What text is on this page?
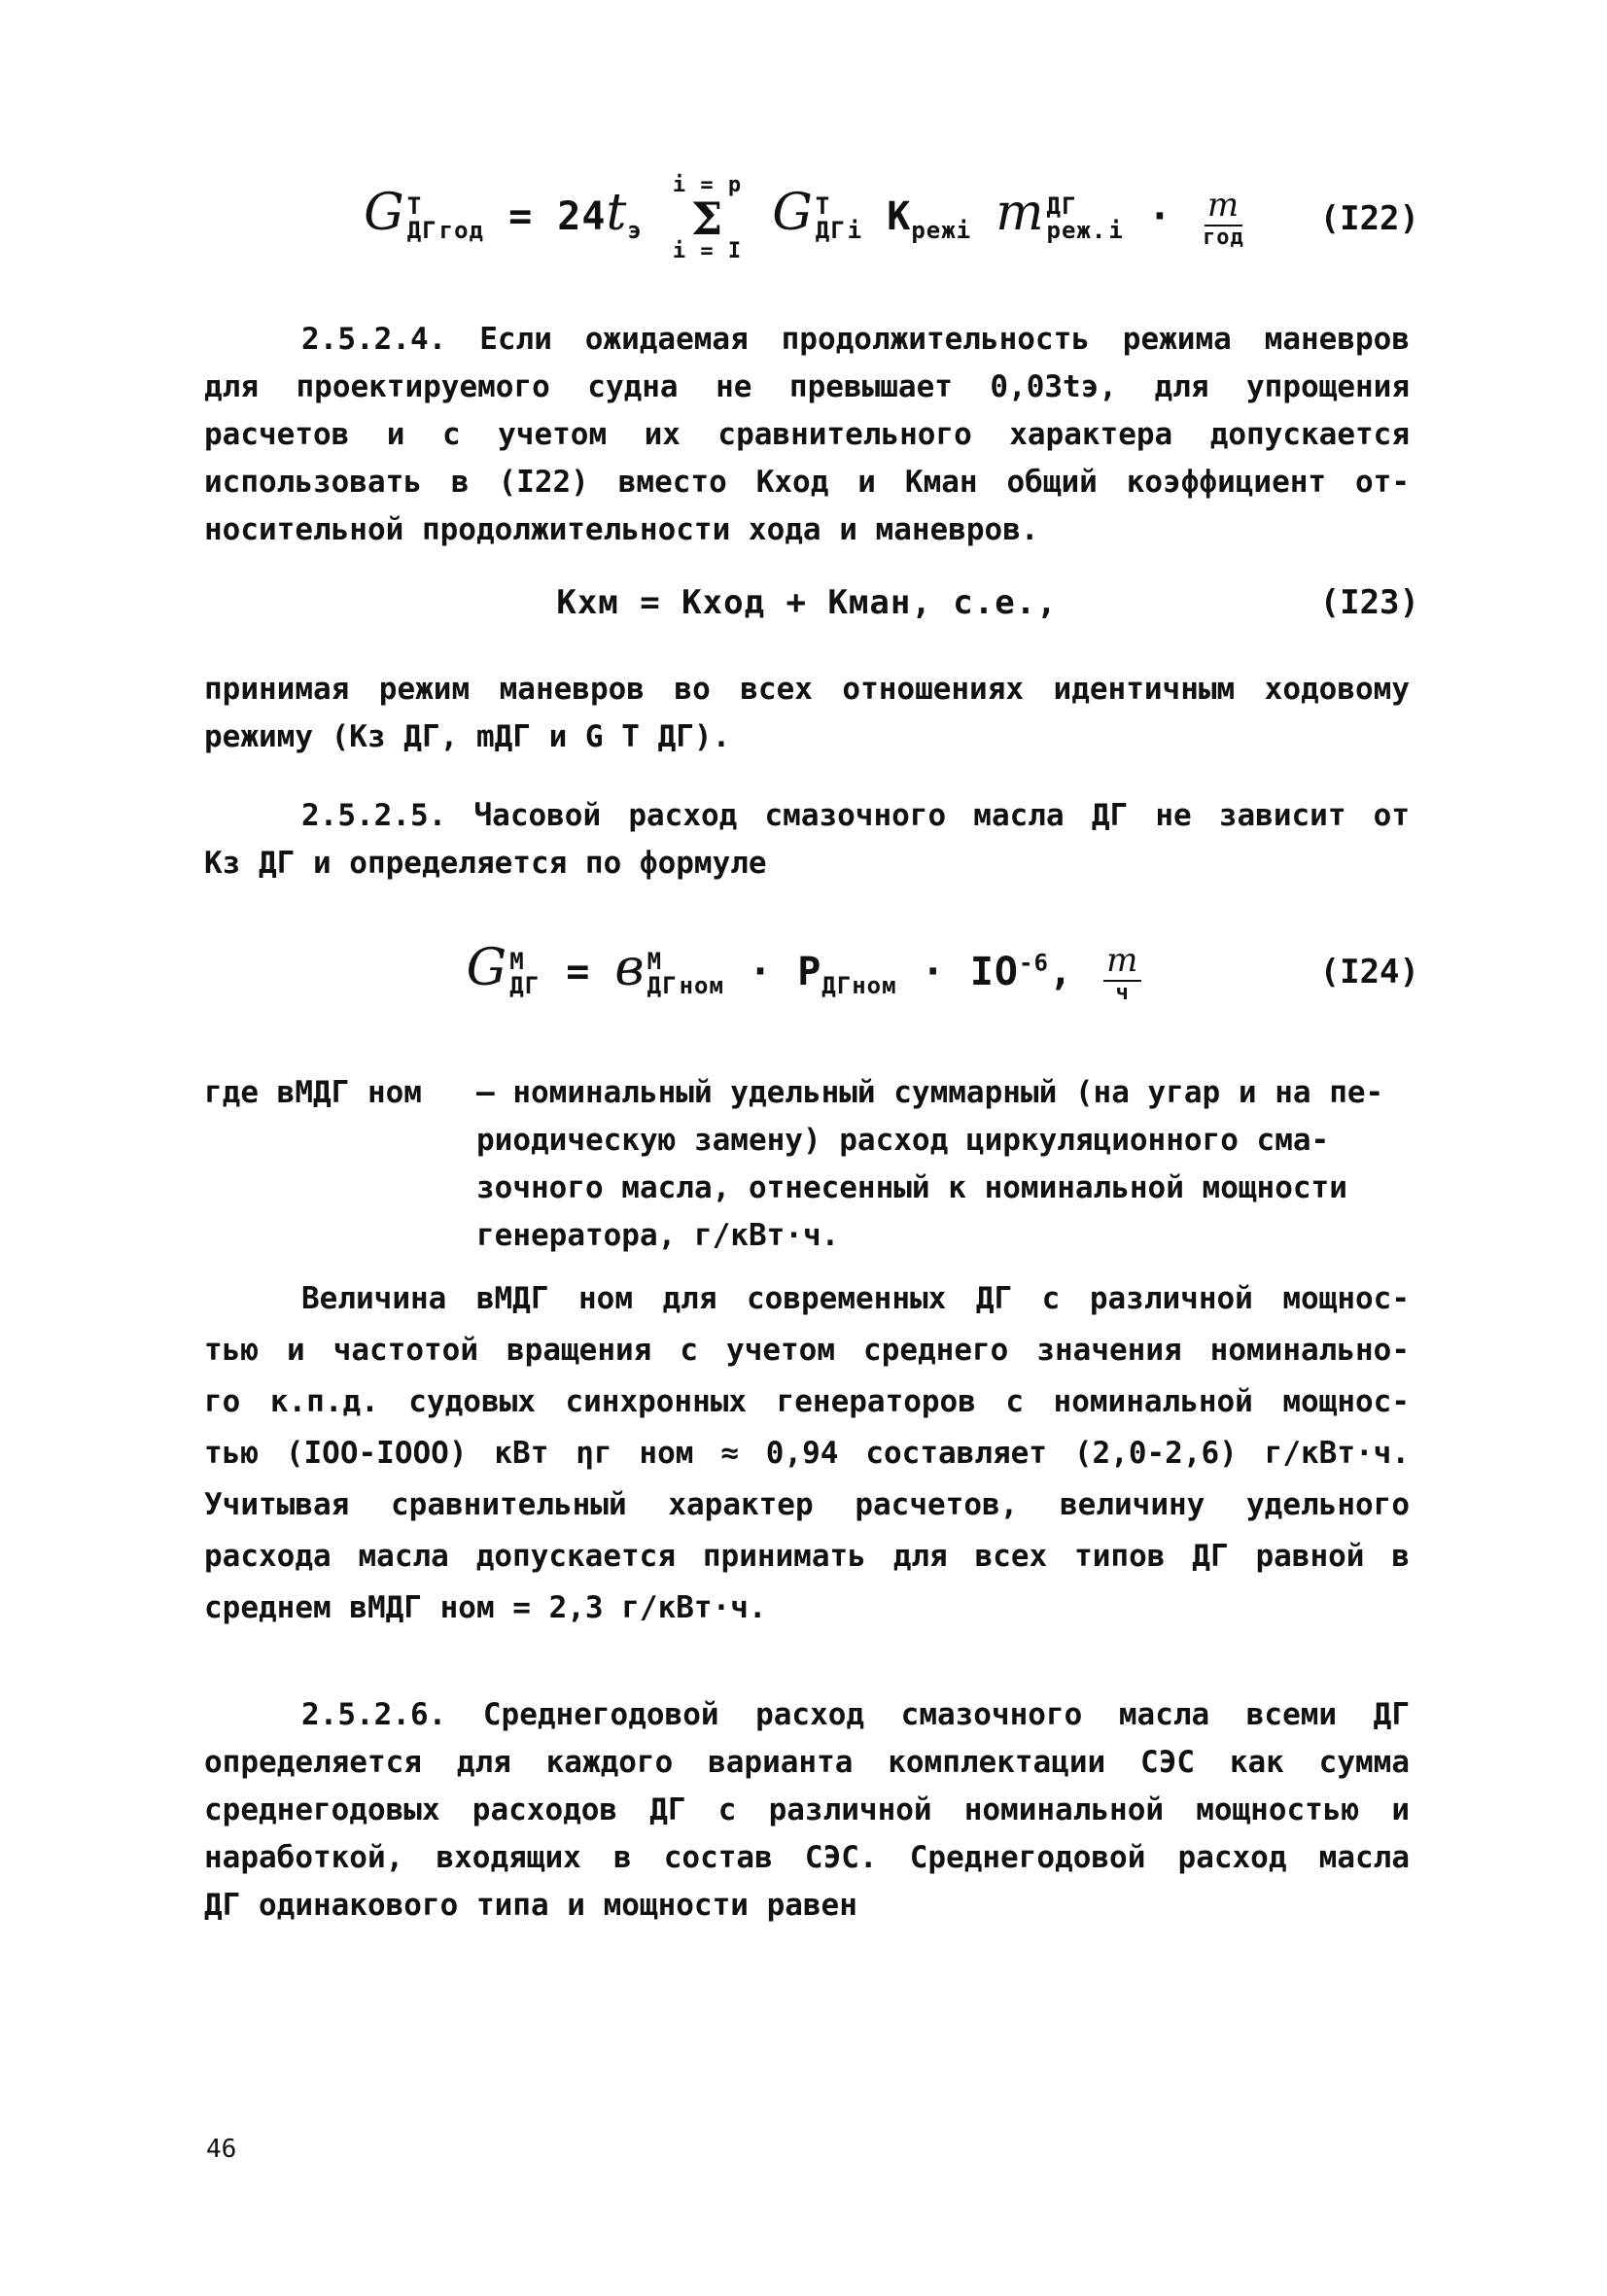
G T
ДГ $_{год} = 24t_э$
i = p
Σ
i = I
G T
ДГ $_i$ $K_{режi}$ m ДГ
реж. $_i \cdot \frac{m}{\text{год}} (I22)$
2.5.2.4. Если ожидаемая продолжительность режима маневров
для проектируемого судна не превышает 0,03tэ, для упрощения
расчетов и с учетом их сравнительного характера допускается
использовать в (I22) вместо Kход и Kман общий коэффициент от-
носительной продолжительности хода и маневров.
Kхм = Kход + Kман, с.е.,	(I23)
принимая режим маневров во всех отношениях идентичным ходовому
режиму (Kз ДГ, mДГ и G T ДГ).
2.5.2.5. Часовой расход смазочного масла ДГ не зависит от
Kз ДГ и определяется по формуле
G M
ДГ = в M
ДГ $_{ном} \cdot P_{ДГном} \cdot IO^{-6}$, $\frac{m}{ч}$	(I24)
где вMДГ ном	– номинальный удельный суммарный (на угар и на пе-
риодическую замену) расход циркуляционного сма-
зочного масла, отнесенный к номинальной мощности
генератора, г/кВт·ч.
Величина вMДГ ном для современных ДГ с различной мощнос-
тью и частотой вращения с учетом среднего значения номинально-
го к.п.д. судовых синхронных генераторов с номинальной мощнос-
тью (IOO-IOOO) кВт ηг ном ≈ 0,94 составляет (2,0-2,6) г/кВт·ч.
Учитывая сравнительный характер расчетов, величину удельного
расхода масла допускается принимать для всех типов ДГ равной в
среднем вMДГ ном = 2,3 г/кВт·ч.
2.5.2.6. Среднегодовой расход смазочного масла всеми ДГ
определяется для каждого варианта комплектации СЭС как сумма
среднегодовых расходов ДГ с различной номинальной мощностью и
наработкой, входящих в состав СЭС. Среднегодовой расход масла
ДГ одинакового типа и мощности равен
46
